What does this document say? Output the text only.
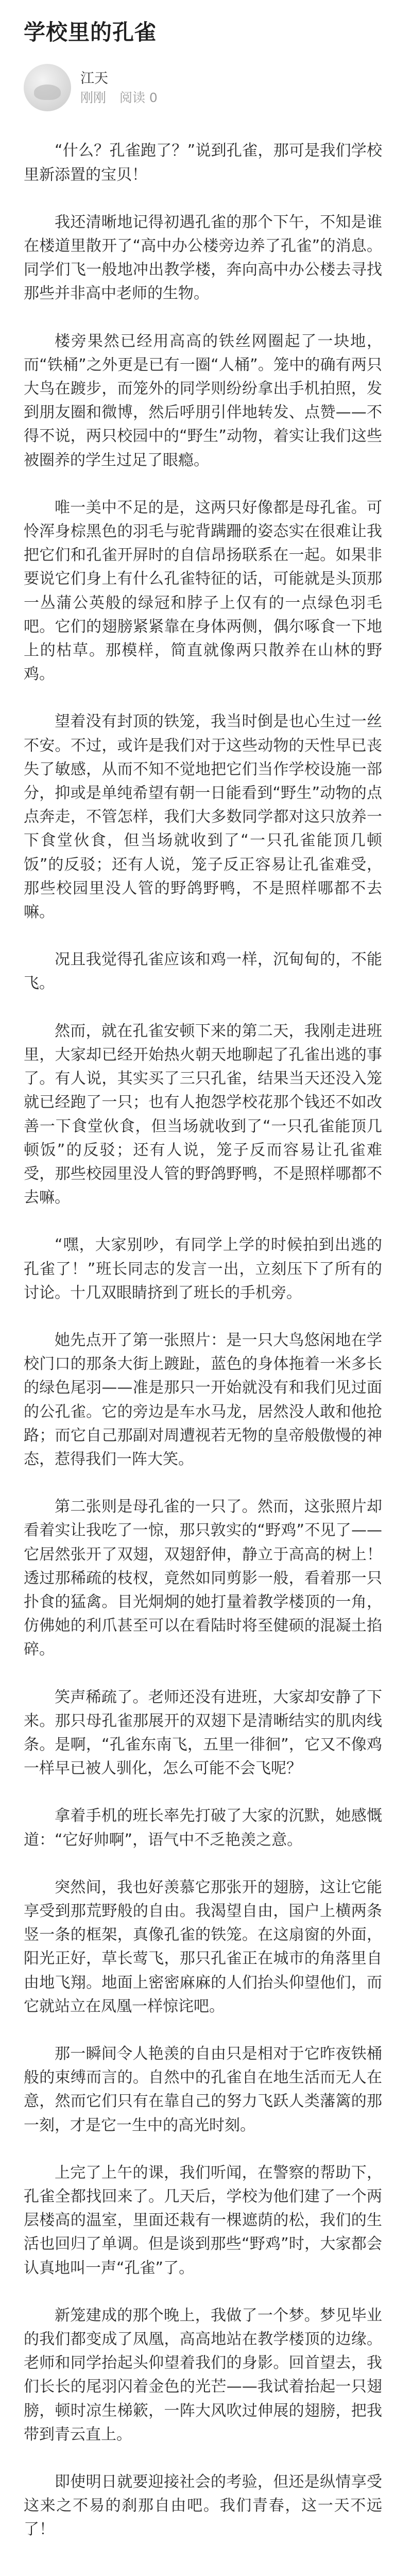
学校里的孔雀
江天
刚刚 阅读 0

“什么？孔雀跑了？”说到孔雀，那可是我们学校里新添置的宝贝！

我还清晰地记得初遇孔雀的那个下午，不知是谁在楼道里散开了“高中办公楼旁边养了孔雀”的消息。同学们飞一般地冲出教学楼，奔向高中办公楼去寻找那些并非高中老师的生物。

楼旁果然已经用高高的铁丝网圈起了一块地，而“铁桶”之外更是已有一圈“人桶”。笼中的确有两只大鸟在踱步，而笼外的同学则纷纷拿出手机拍照，发到朋友圈和微博，然后呼朋引伴地转发、点赞——不得不说，两只校园中的“野生”动物，着实让我们这些被圈养的学生过足了眼瘾。

唯一美中不足的是，这两只好像都是母孔雀。可怜浑身棕黑色的羽毛与驼背蹒跚的姿态实在很难让我把它们和孔雀开屏时的自信昂扬联系在一起。如果非要说它们身上有什么孔雀特征的话，可能就是头顶那一丛蒲公英般的绿冠和脖子上仅有的一点绿色羽毛吧。它们的翅膀紧紧靠在身体两侧，偶尔啄食一下地上的枯草。那模样，简直就像两只散养在山林的野鸡。

望着没有封顶的铁笼，我当时倒是也心生过一丝不安。不过，或许是我们对于这些动物的天性早已丧失了敏感，从而不知不觉地把它们当作学校设施一部分，抑或是单纯希望有朝一日能看到“野生”动物的点点奔走，不管怎样，我们大多数同学都对这只放养一下食堂伙食，但当场就收到了“一只孔雀能顶几顿饭”的反驳；还有人说，笼子反正容易让孔雀难受，那些校园里没人管的野鸽野鸭，不是照样哪都不去嘛。

况且我觉得孔雀应该和鸡一样，沉甸甸的，不能飞。

然而，就在孔雀安顿下来的第二天，我刚走进班里，大家却已经开始热火朝天地聊起了孔雀出逃的事了。有人说，其实买了三只孔雀，结果当天还没入笼就已经跑了一只；也有人抱怨学校花那个钱还不如改善一下食堂伙食，但当场就收到了“一只孔雀能顶几顿饭”的反驳；还有人说，笼子反而容易让孔雀难受，那些校园里没人管的野鸽野鸭，不是照样哪都不去嘛。

“嘿，大家别吵，有同学上学的时候拍到出逃的孔雀了！”班长同志的发言一出，立刻压下了所有的讨论。十几双眼睛挤到了班长的手机旁。

她先点开了第一张照片：是一只大鸟悠闲地在学校门口的那条大街上踱趾，蓝色的身体拖着一米多长的绿色尾羽——准是那只一开始就没有和我们见过面的公孔雀。它的旁边是车水马龙，居然没人敢和他抢路；而它自己那副对周遭视若无物的皇帝般傲慢的神态，惹得我们一阵大笑。

第二张则是母孔雀的一只了。然而，这张照片却看着实让我吃了一惊，那只敦实的“野鸡”不见了——它居然张开了双翅，双翅舒伸，静立于高高的树上！透过那稀疏的枝杈，竟然如同剪影一般，看着那一只扑食的猛禽。目光炯炯的她打量着教学楼顶的一角，仿佛她的利爪甚至可以在看陆时将至健硕的混凝土掐碎。

笑声稀疏了。老师还没有进班，大家却安静了下来。那只母孔雀那展开的双翅下是清晰结实的肌肉线条。是啊，“孔雀东南飞，五里一徘徊”，它又不像鸡一样早已被人驯化，怎么可能不会飞呢？

拿着手机的班长率先打破了大家的沉默，她感慨道：“它好帅啊”，语气中不乏艳羡之意。

突然间，我也好羡慕它那张开的翅膀，这让它能享受到那荒野般的自由。我渴望自由，国户上横两条竖一条的框架，真像孔雀的铁笼。在这扇窗的外面，阳光正好，草长莺飞，那只孔雀正在城市的角落里自由地飞翔。地面上密密麻麻的人们抬头仰望他们，而它就站立在凤凰一样惊诧吧。

那一瞬间令人艳羡的自由只是相对于它昨夜铁桶般的束缚而言的。自然中的孔雀自在地生活而无人在意，然而它们只有在靠自己的努力飞跃人类藩篱的那一刻，才是它一生中的高光时刻。

上完了上午的课，我们听闻，在警察的帮助下，孔雀全都找回来了。几天后，学校为他们建了一个两层楼高的温室，里面还栽有一棵遮荫的松，我们的生活也回归了单调。但是谈到那些“野鸡”时，大家都会认真地叫一声“孔雀”了。

新笼建成的那个晚上，我做了一个梦。梦见毕业的我们都变成了凤凰，高高地站在教学楼顶的边缘。老师和同学抬起头仰望着我们的身影。回首望去，我们长长的尾羽闪着金色的光芒——我试着抬起一只翅膀，顿时凉生梯簌，一阵大风吹过伸展的翅膀，把我带到青云直上。

即使明日就要迎接社会的考验，但还是纵情享受这来之不易的刹那自由吧。我们青春，这一天不远了！
